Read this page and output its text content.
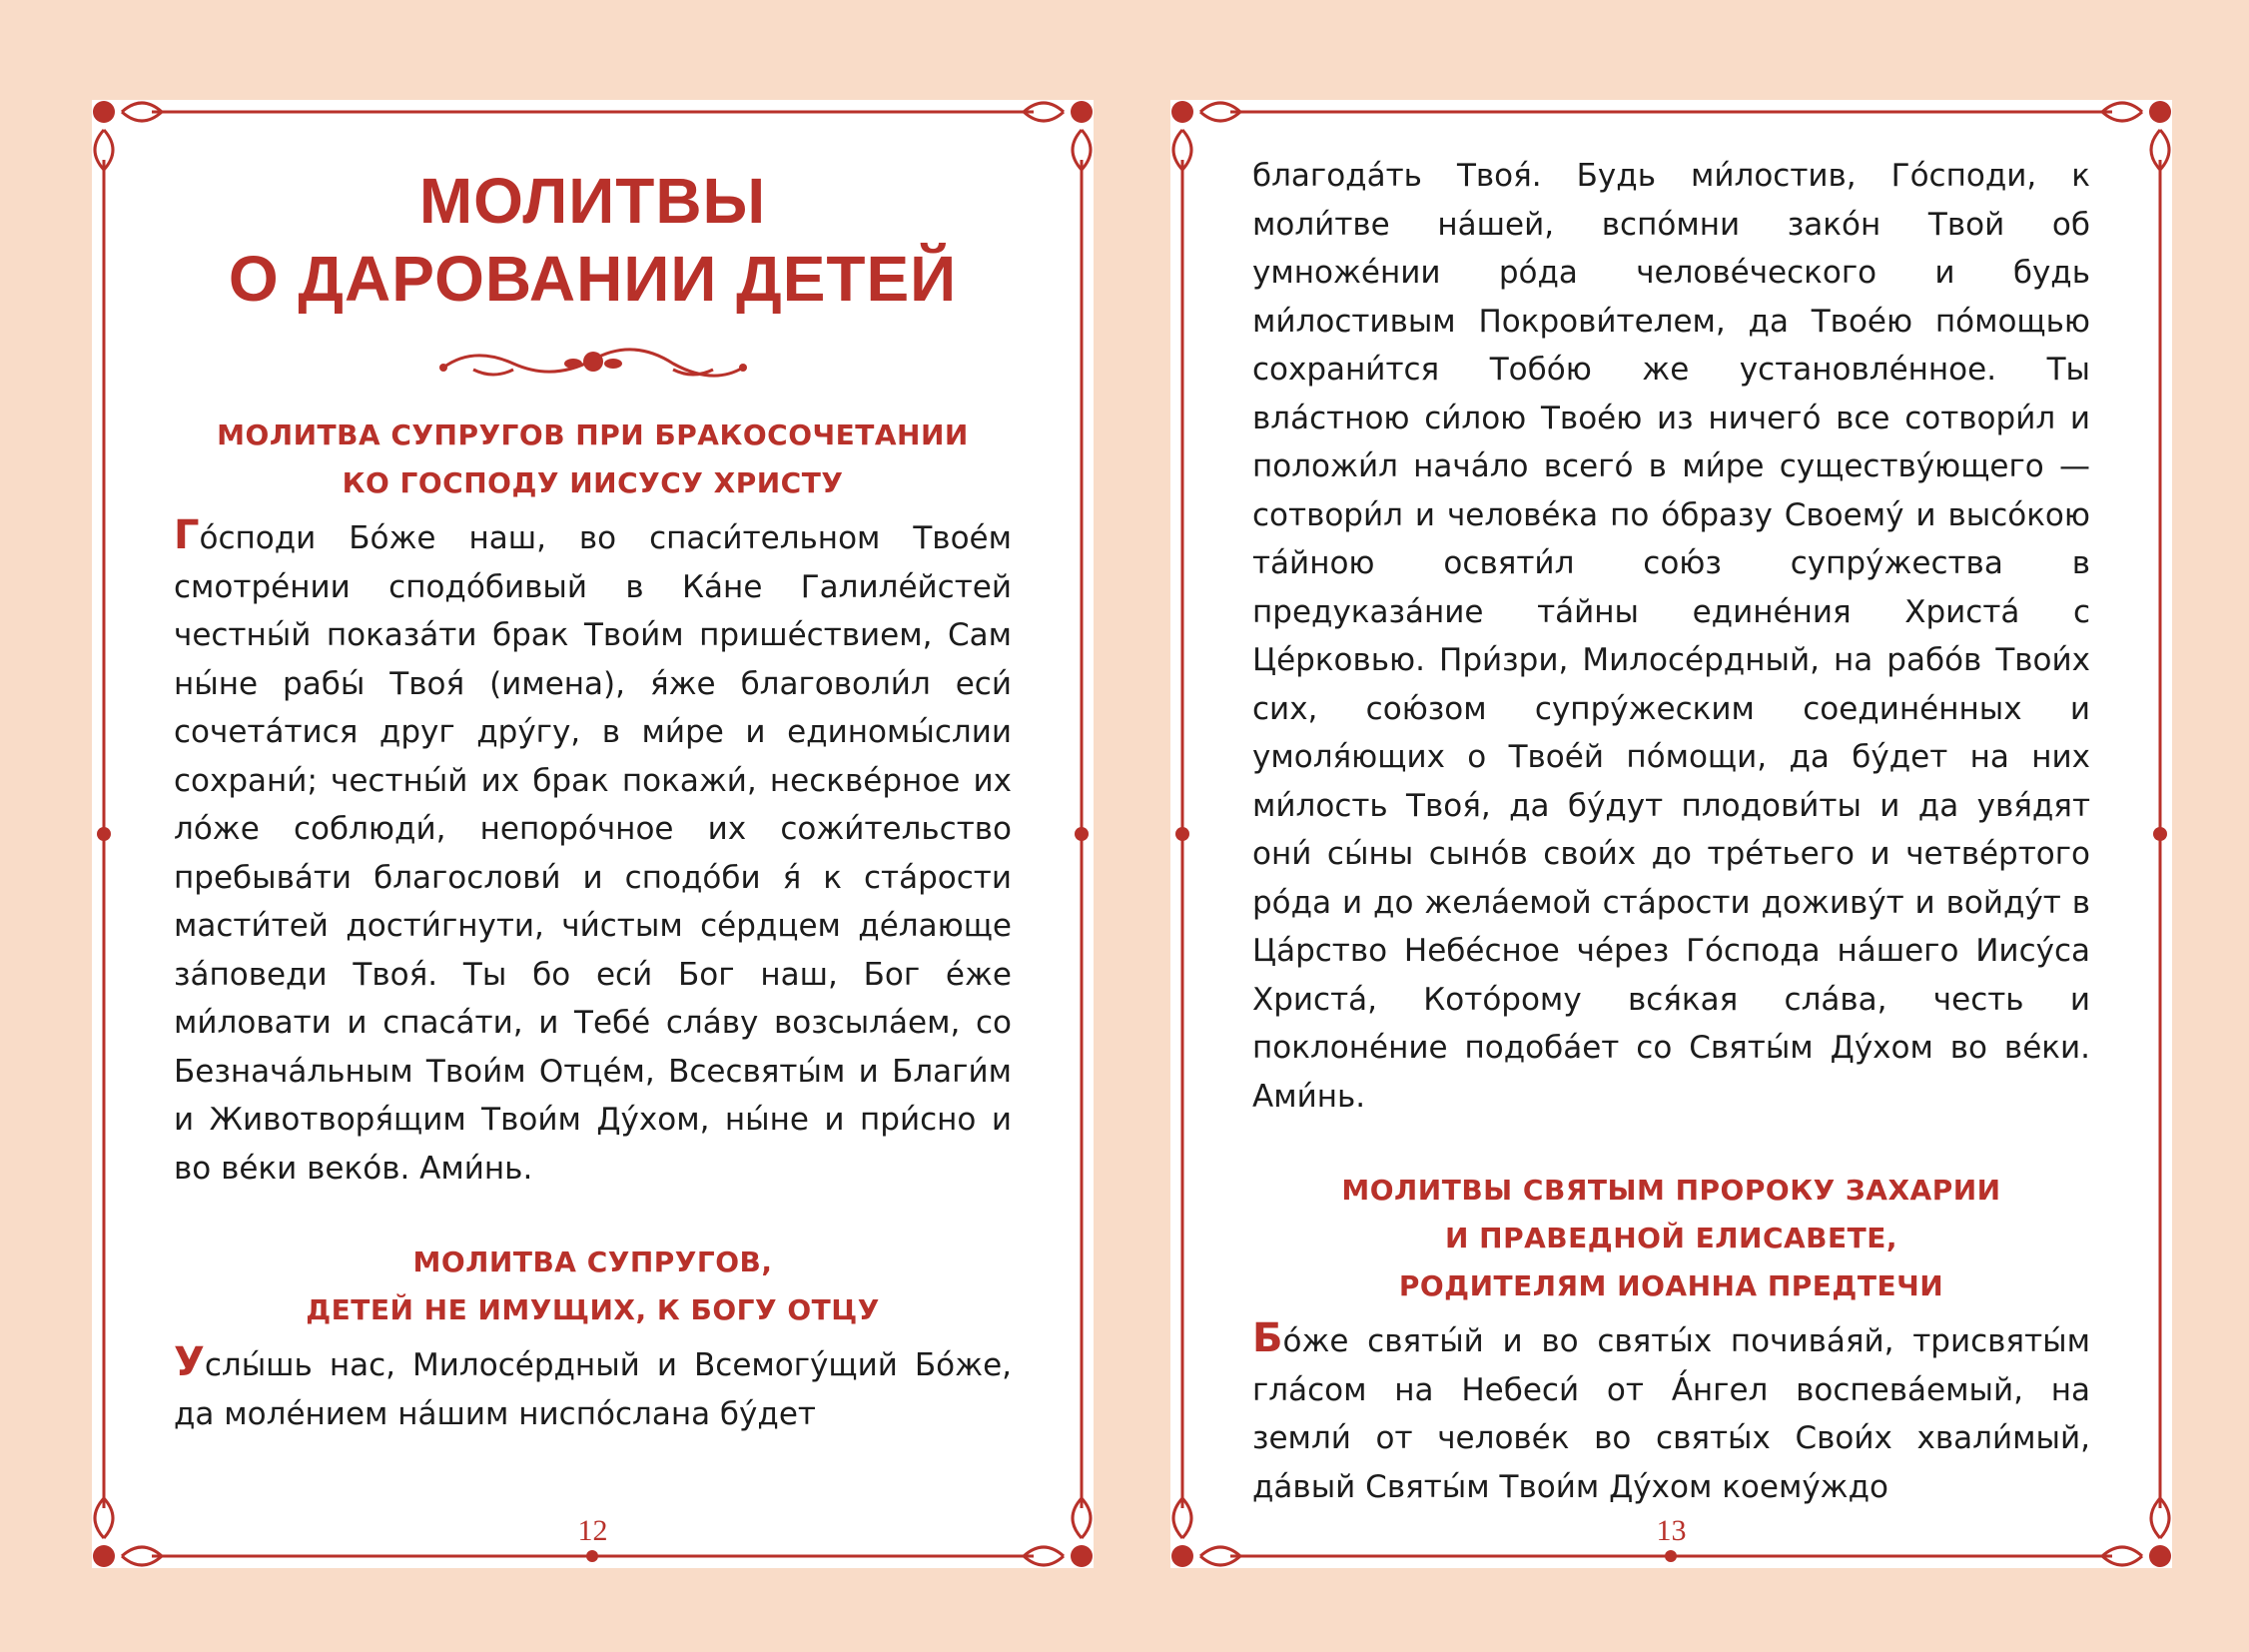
МОЛИТВЫ
О ДАРОВАНИИ ДЕТЕЙ

МОЛИТВА СУПРУГОВ ПРИ БРАКОСОЧЕТАНИИ
КО ГОСПОДУ ИИСУСУ ХРИСТУ

Го́споди Бо́же наш, во спаси́тельном Твое́м смотре́нии сподо́бивый в Ка́не Галиле́йстей честны́й показа́ти брак Твои́м прише́ствием, Сам ны́не рабы́ Твоя́ (имена), я́же благоволи́л еси́ сочета́тися друг дру́гу, в ми́ре и единомы́слии сохрани́; честны́й их брак покажи́, нескве́рное их ло́же соблюди́, непоро́чное их сожи́тельство пребыва́ти благослови́ и сподо́би я́ к ста́рости масти́тей дости́гнути, чи́стым се́рдцем де́лающе за́поведи Твоя́. Ты бо еси́ Бог наш, Бог е́же ми́ловати и спаса́ти, и Тебе́ сла́ву возсыла́ем, со Безнача́льным Твои́м Отце́м, Всесвяты́м и Благи́м и Животворя́щим Твои́м Ду́хом, ны́не и при́сно и во ве́ки веко́в. Ами́нь.

МОЛИТВА СУПРУГОВ,
ДЕТЕЙ НЕ ИМУЩИХ, К БОГУ ОТЦУ

Услы́шь нас, Милосе́рдный и Всемогу́щий Бо́же, да моле́нием на́шим ниспо́слана бу́дет

12

благода́ть Твоя́. Будь ми́лостив, Го́споди, к моли́тве на́шей, вспо́мни зако́н Твой об умноже́нии ро́да челове́ческого и будь ми́лостивым Покрови́телем, да Твое́ю по́мощью сохрани́тся Тобо́ю же установле́нное. Ты вла́стною си́лою Твое́ю из ничего́ все сотвори́л и положи́л нача́ло всего́ в ми́ре существу́ющего — сотвори́л и челове́ка по о́бразу Своему́ и высо́кою та́йною освяти́л сою́з супру́жества в предуказа́ние та́йны едине́ния Христа́ с Це́рковью. При́зри, Милосе́рдный, на рабо́в Твои́х сих, сою́зом супру́жеским соедине́нных и умоля́ющих о Твое́й по́мощи, да бу́дет на них ми́лость Твоя́, да бу́дут плодови́ты и да увя́дят они́ сы́ны сыно́в свои́х до тре́тьего и четве́ртого ро́да и до жела́емой ста́рости доживу́т и войду́т в Ца́рство Небе́сное че́рез Го́спода на́шего Иису́са Христа́, Кото́рому вся́кая сла́ва, честь и поклоне́ние подоба́ет со Святы́м Ду́хом во ве́ки. Ами́нь.

МОЛИТВЫ СВЯТЫМ ПРОРОКУ ЗАХАРИИ
И ПРАВЕДНОЙ ЕЛИСАВЕТЕ,
РОДИТЕЛЯМ ИОАННА ПРЕДТЕЧИ

Бо́же святы́й и во святы́х почива́яй, трисвяты́м гла́сом на Небеси́ от А́нгел воспева́емый, на земли́ от челове́к во святы́х Свои́х хвали́мый, да́вый Святы́м Твои́м Ду́хом коему́ждо

13
